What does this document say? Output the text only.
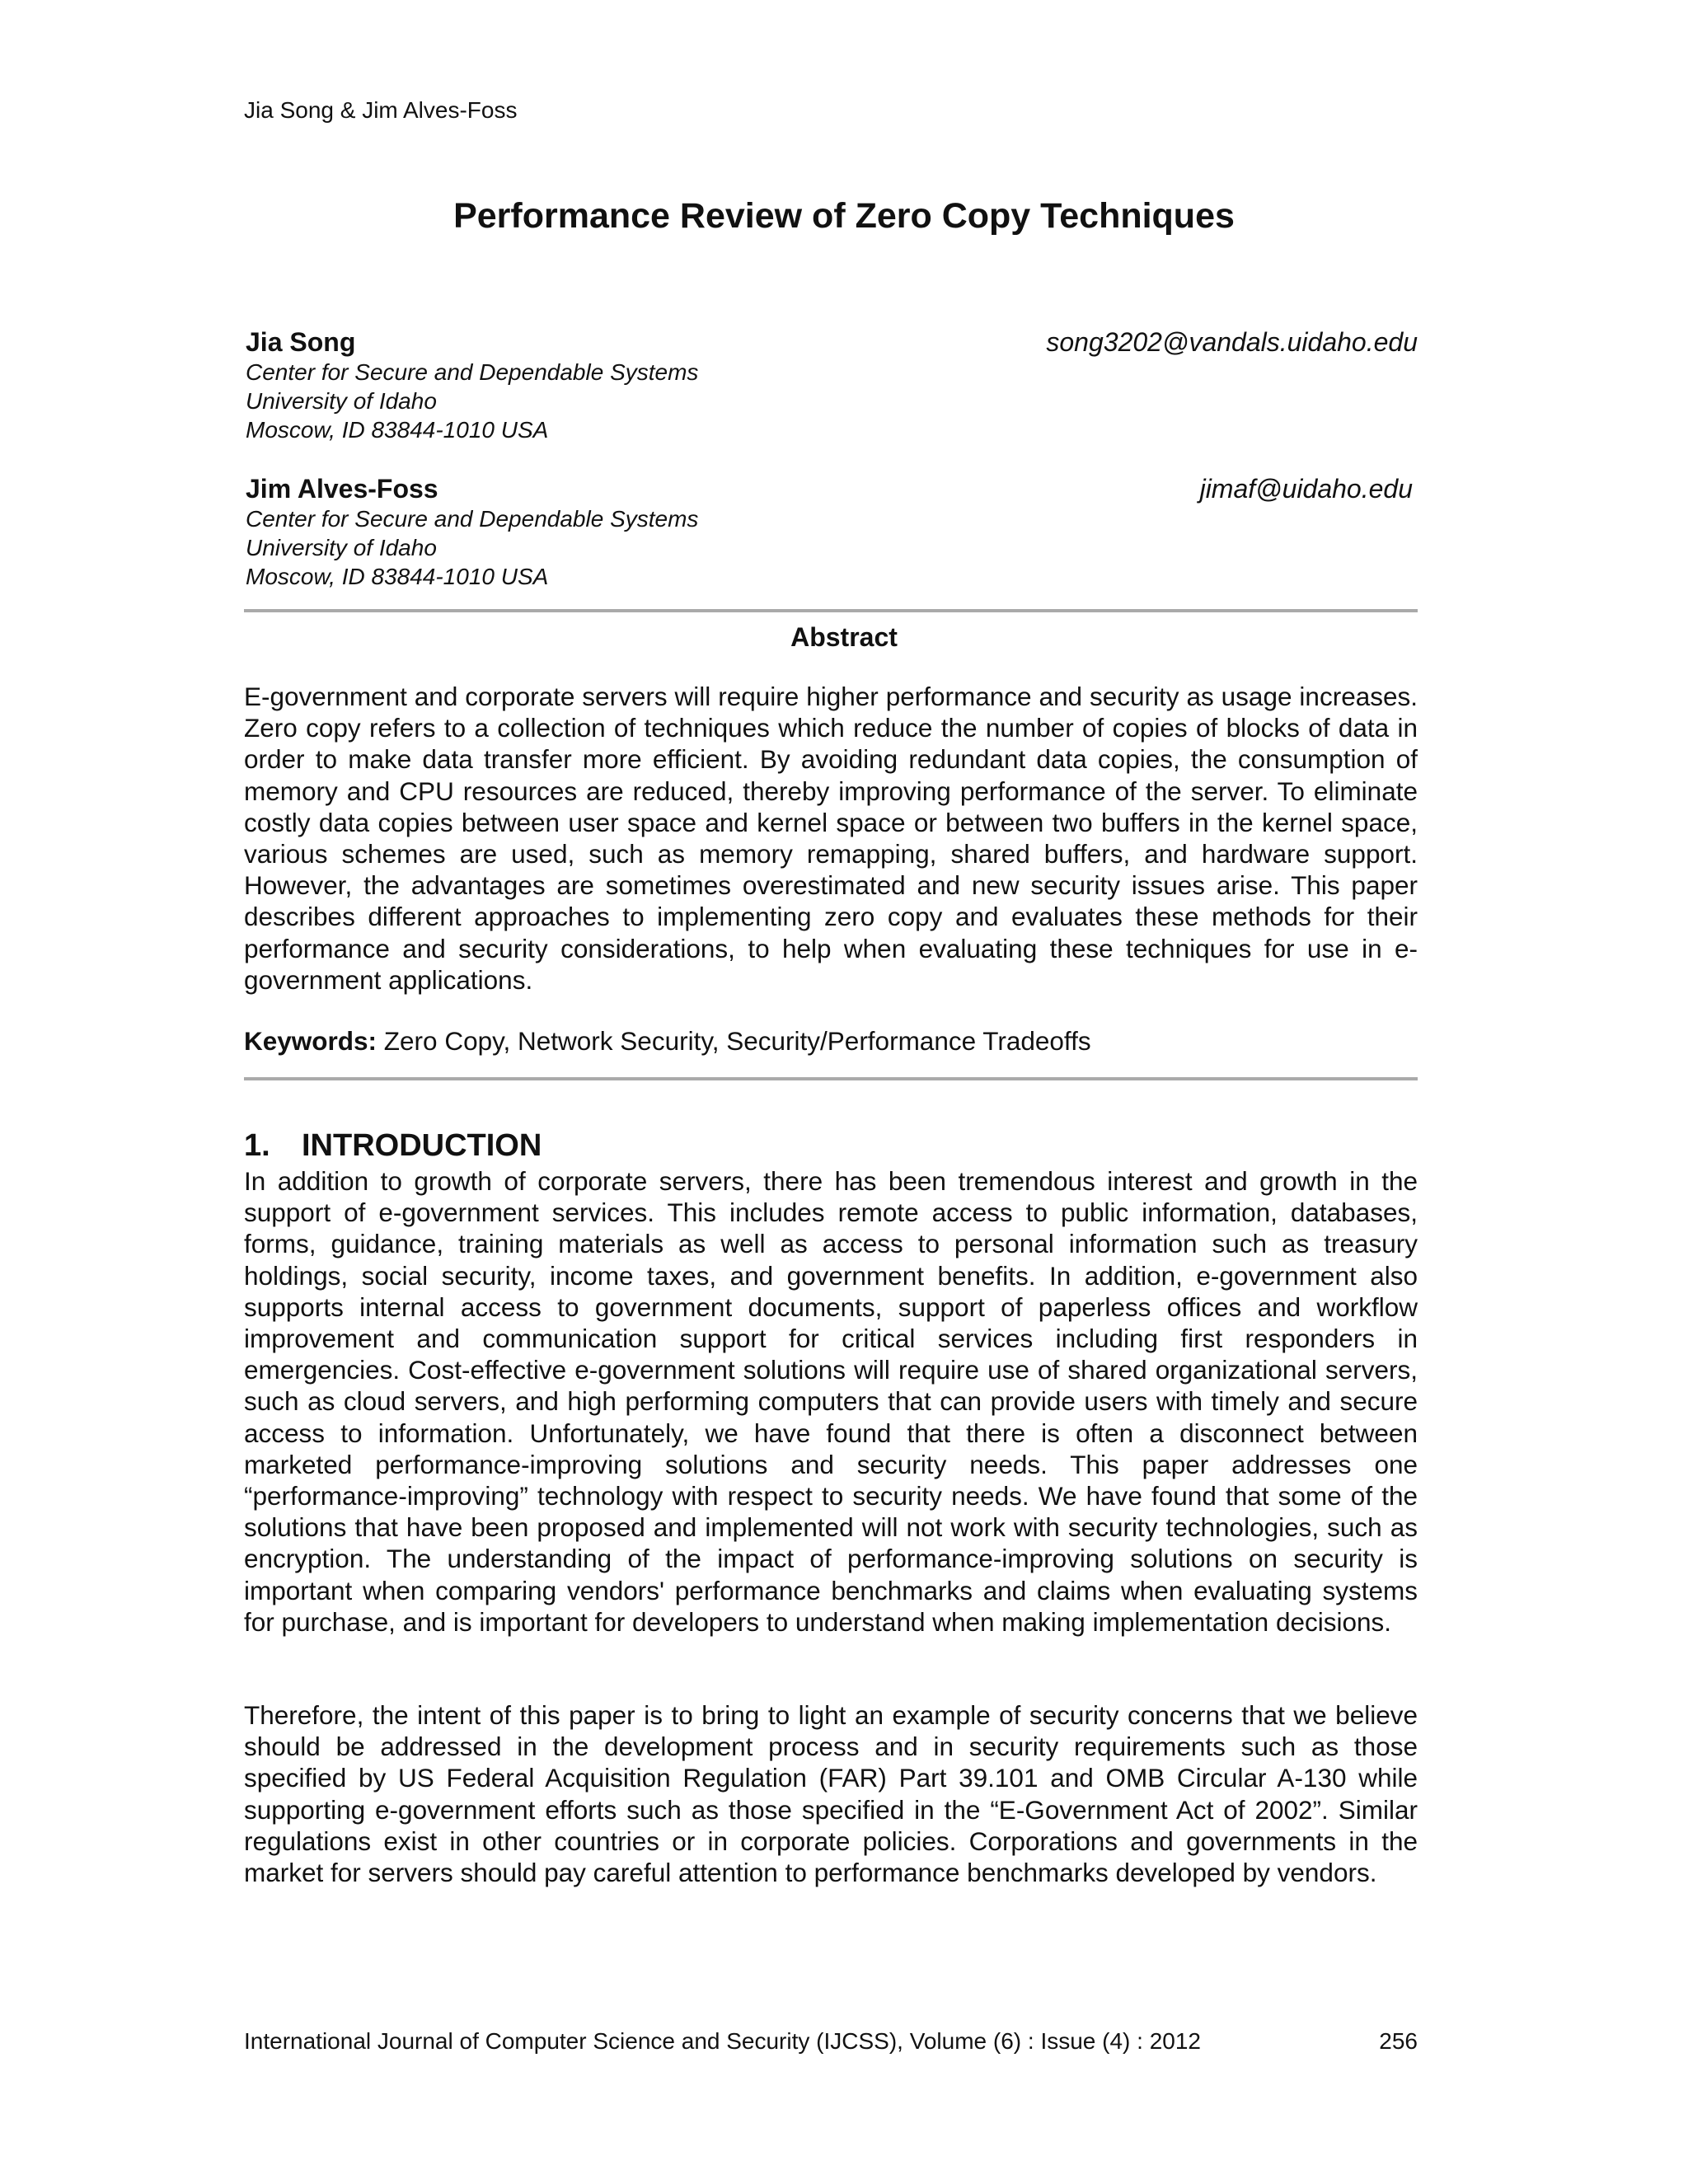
Jia Song & Jim Alves-Foss
Performance Review of Zero Copy Techniques
Jia Song	song3202@vandals.uidaho.edu
Center for Secure and Dependable Systems
University of Idaho
Moscow, ID 83844-1010 USA
Jim Alves-Foss	jimaf@uidaho.edu
Center for Secure and Dependable Systems
University of Idaho
Moscow, ID 83844-1010 USA
Abstract

E-government and corporate servers will require higher performance and security as usage increases. Zero copy refers to a collection of techniques which reduce the number of copies of blocks of data in order to make data transfer more efficient. By avoiding redundant data copies, the consumption of memory and CPU resources are reduced, thereby improving performance of the server. To eliminate costly data copies between user space and kernel space or between two buffers in the kernel space, various schemes are used, such as memory remapping, shared buffers, and hardware support. However, the advantages are sometimes overestimated and new security issues arise. This paper describes different approaches to implementing zero copy and evaluates these methods for their performance and security considerations, to help when evaluating these techniques for use in e-government applications.

Keywords: Zero Copy, Network Security, Security/Performance Tradeoffs
1. INTRODUCTION

In addition to growth of corporate servers, there has been tremendous interest and growth in the support of e-government services. This includes remote access to public information, databases, forms, guidance, training materials as well as access to personal information such as treasury holdings, social security, income taxes, and government benefits. In addition, e-government also supports internal access to government documents, support of paperless offices and workflow improvement and communication support for critical services including first responders in emergencies. Cost-effective e-government solutions will require use of shared organizational servers, such as cloud servers, and high performing computers that can provide users with timely and secure access to information. Unfortunately, we have found that there is often a disconnect between marketed performance-improving solutions and security needs. This paper addresses one “performance-improving” technology with respect to security needs. We have found that some of the solutions that have been proposed and implemented will not work with security technologies, such as encryption. The understanding of the impact of performance-improving solutions on security is important when comparing vendors' performance benchmarks and claims when evaluating systems for purchase, and is important for developers to understand when making implementation decisions.

Therefore, the intent of this paper is to bring to light an example of security concerns that we believe should be addressed in the development process and in security requirements such as those specified by US Federal Acquisition Regulation (FAR) Part 39.101 and OMB Circular A-130 while supporting e-government efforts such as those specified in the “E-Government Act of 2002”. Similar regulations exist in other countries or in corporate policies. Corporations and governments in the market for servers should pay careful attention to performance benchmarks developed by vendors.

International Journal of Computer Science and Security (IJCSS), Volume (6) : Issue (4) : 2012	256
